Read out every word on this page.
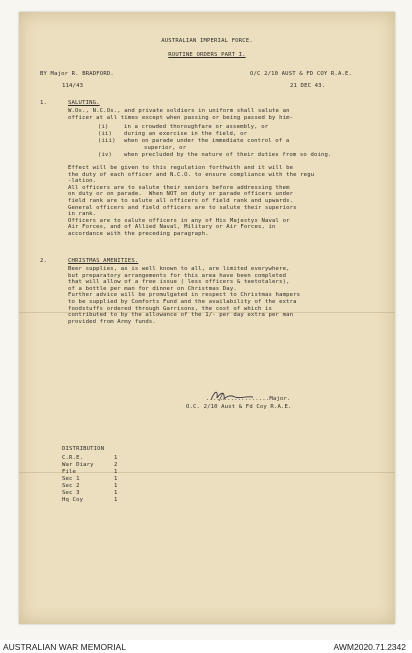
AUSTRALIAN IMPERIAL FORCE.
ROUTINE ORDERS PART I.
BY Major R. BRADFORD.	O/C 2/10 AUST & FD COY R.A.E.
114/43	21 DEC 43.
1.	SALUTING.
W.Os., N.C.Os., and private soldiers in uniform shall salute an
officer at all times except when passing or being passed by him-
(i)	in a crowded thoroughfare or assembly, or
(ii) during an exercise in the field, or
(iii) when on parade under the immediate control of a
superior, or
(iv) when precluded by the nature of their duties from so doing.
Effect will be given to this regulation forthwith and it will be
the duty of each officer and N.C.O. to ensure compliance with the regu
-lation.
All officers are to salute their seniors before addressing them
on duty or on parade.  When NOT on duty or parade officers under
field rank are to salute all officers of field rank and upwards.
General officers and field officers are to salute their superiors
in rank.
Officers are to salute officers in any of His Majestys Naval or
Air Forces, and of Allied Naval, Military or Air Forces, in
accordance with the preceding paragraph.
2.	CHRISTMAS AMENITIES.
Beer supplies, as is well known to all, are limited everywhere,
but preparatory arrangements for this area have been completed
that will allow of a free issue ( less officers & teetotalers),
of a bottle per man for dinner on Christmas Day.
Further advice will be promulgated in respect to Christmas hampers
to be supplied by Comforts Fund and the availability of the extra
foodstuffs ordered through Garrisons, the cost of which is
contributed to by the allowance of the 1/- per day extra per man
provided from Army funds.
..................Major.
O.C. 2/10 Aust & Fd Coy R.A.E.
DISTRIBUTION
C.R.E.	1
War Diary	2
File	1
Sec 1	1
Sec 2	1
Sec 3	1
Hq Coy	1
AUSTRALIAN WAR MEMORIAL	AWM2020.71.2342
